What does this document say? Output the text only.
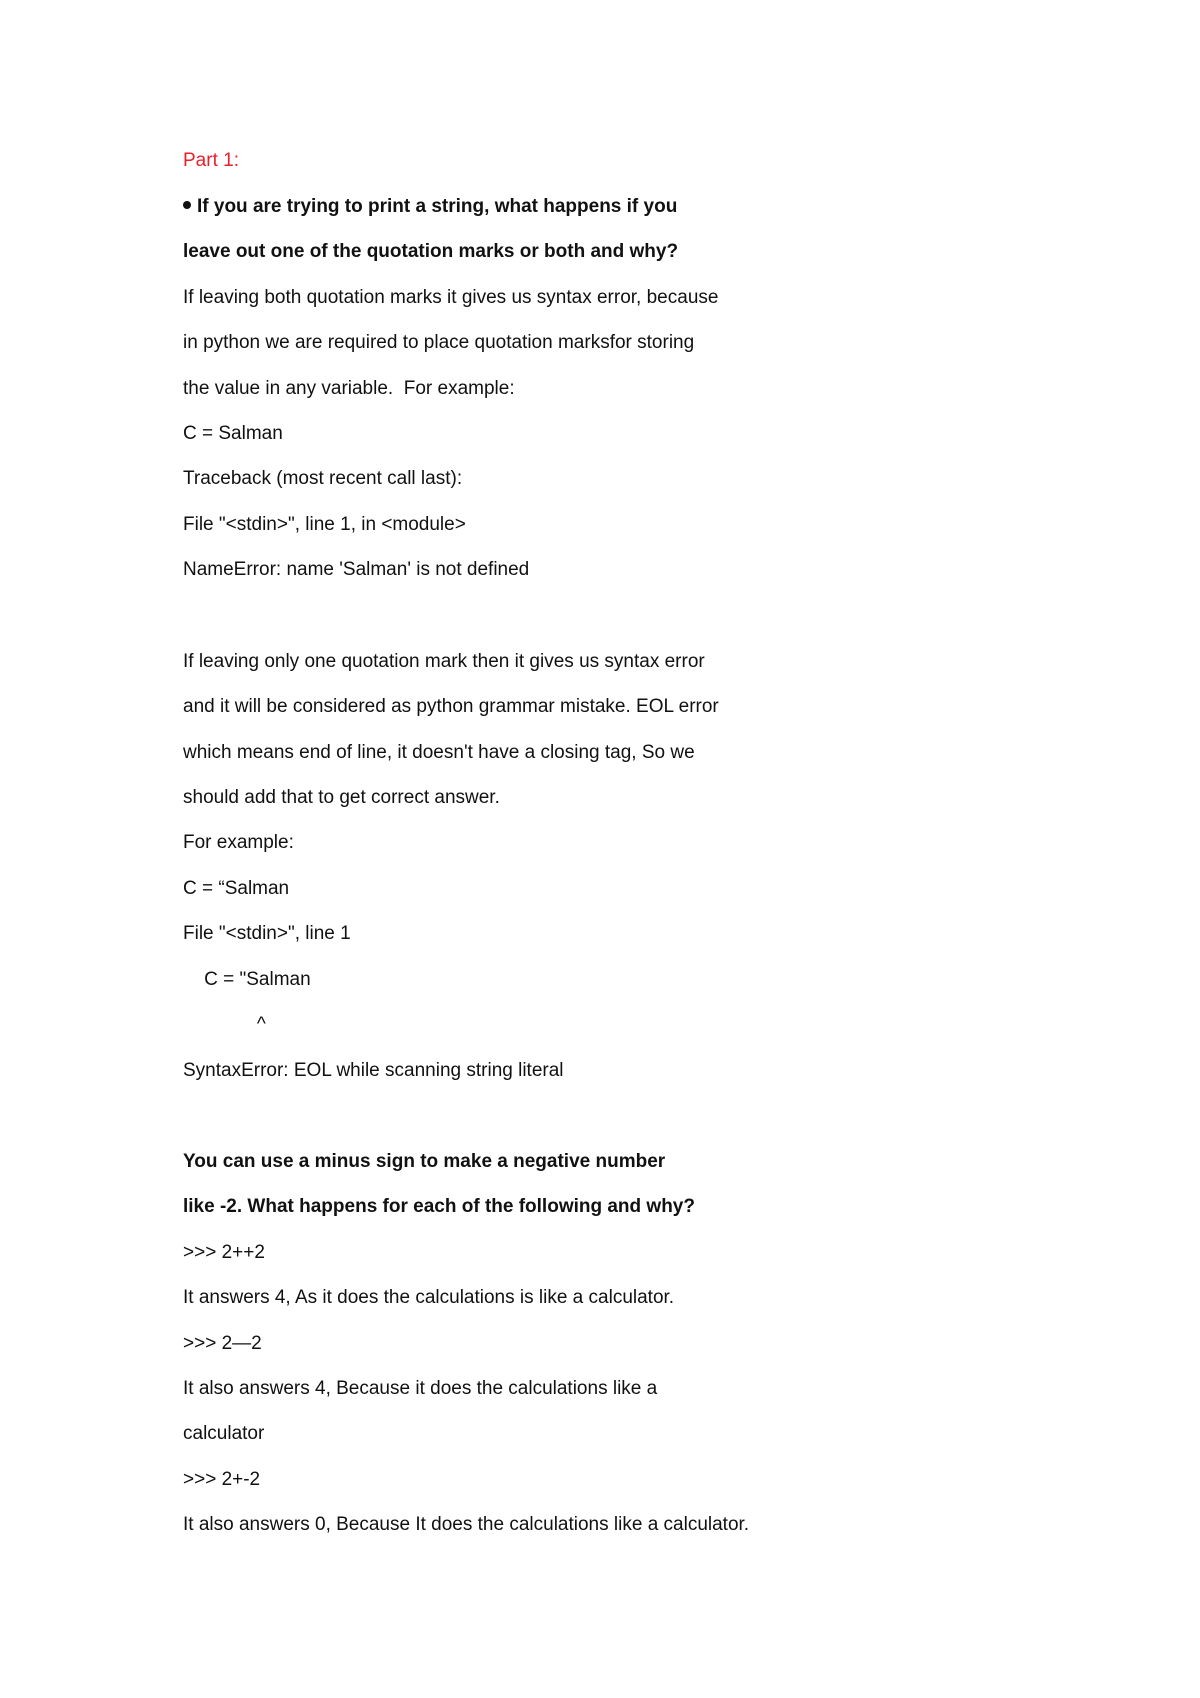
Part 1:

If you are trying to print a string, what happens if you

leave out one of the quotation marks or both and why?

If leaving both quotation marks it gives us syntax error, because

in python we are required to place quotation marksfor storing

the value in any variable.  For example:

C = Salman

Traceback (most recent call last):

File "<stdin>", line 1, in <module>

NameError: name 'Salman' is not defined

If leaving only one quotation mark then it gives us syntax error

and it will be considered as python grammar mistake. EOL error

which means end of line, it doesn't have a closing tag, So we

should add that to get correct answer.

For example:

C = “Salman

File "<stdin>", line 1

C = "Salman

^

SyntaxError: EOL while scanning string literal

You can use a minus sign to make a negative number

like -2. What happens for each of the following and why?

>>> 2++2

It answers 4, As it does the calculations is like a calculator.

>>> 2—2

It also answers 4, Because it does the calculations like a

calculator

>>> 2+-2

It also answers 0, Because It does the calculations like a calculator.
